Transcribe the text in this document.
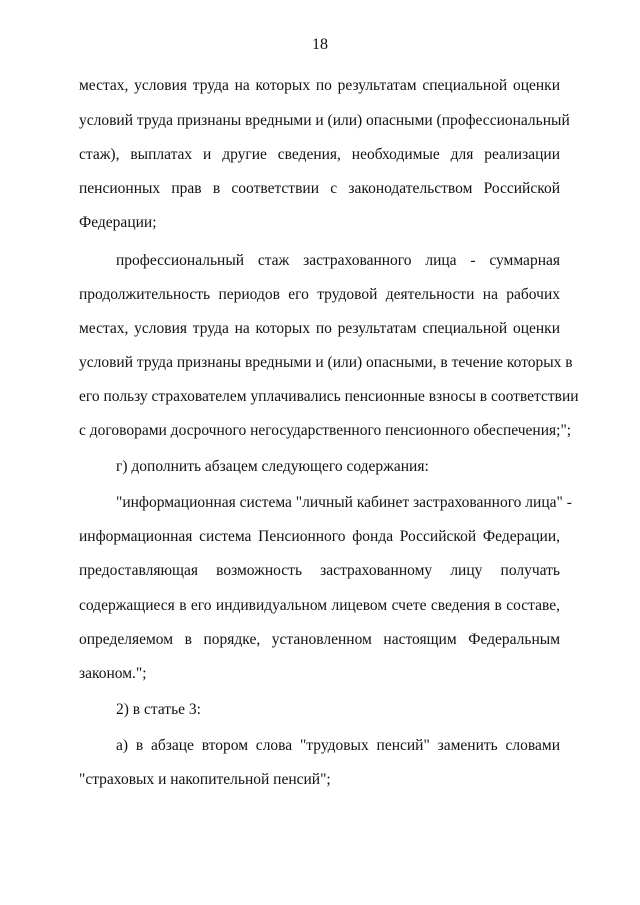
18
местах, условия труда на которых по результатам специальной оценки
условий труда признаны вредными и (или) опасными (профессиональный
стаж), выплатах и другие сведения, необходимые для реализации
пенсионных прав в соответствии с законодательством Российской
Федерации;
профессиональный стаж застрахованного лица - суммарная
продолжительность периодов его трудовой деятельности на рабочих
местах, условия труда на которых по результатам специальной оценки
условий труда признаны вредными и (или) опасными, в течение которых в
его пользу страхователем уплачивались пенсионные взносы в соответствии
с договорами досрочного негосударственного пенсионного обеспечения;";
г) дополнить абзацем следующего содержания:
"информационная система "личный кабинет застрахованного лица" -
информационная система Пенсионного фонда Российской Федерации,
предоставляющая возможность застрахованному лицу получать
содержащиеся в его индивидуальном лицевом счете сведения в составе,
определяемом в порядке, установленном настоящим Федеральным
законом.";
2) в статье 3:
а) в абзаце втором слова "трудовых пенсий" заменить словами
"страховых и накопительной пенсий";
